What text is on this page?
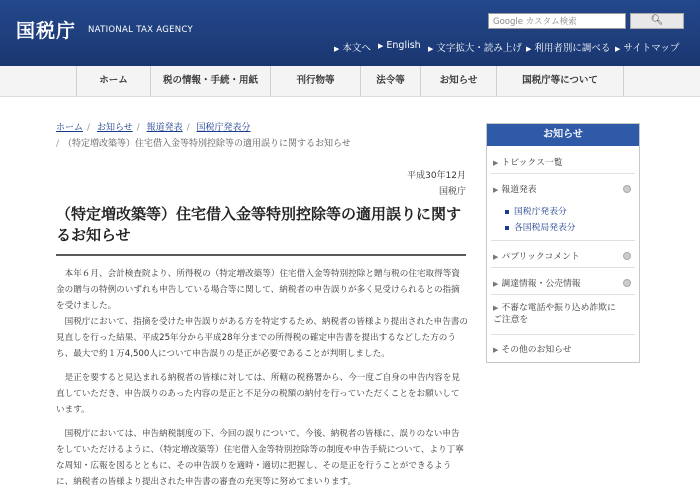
国税庁 NATIONAL TAX AGENCY
Google カスタム検索	🔍︎
▶ 本文へ ▶ English ▶ 文字拡大・読み上げ ▶ 利用者別に調べる ▶ サイトマップ
ホーム	税の情報・手続・用紙	刊行物等	法令等	お知らせ	国税庁等について
ホーム / お知らせ / 報道発表 / 国税庁発表分
/ （特定増改築等）住宅借入金等特別控除等の適用誤りに関するお知らせ
平成30年12月
国税庁
（特定増改築等）住宅借入金等特別控除等の適用誤りに関するお知らせ
本年６月、会計検査院より、所得税の（特定増改築等）住宅借入金等特別控除と贈与税の住宅取得等資金の贈与の特例のいずれも申告している場合等に関して、納税者の申告誤りが多く見受けられるとの指摘を受けました。
国税庁において、指摘を受けた申告誤りがある方を特定するため、納税者の皆様より提出された申告書の見直しを行った結果、平成25年分から平成28年分までの所得税の確定申告書を提出するなどした方のうち、最大で約１万4,500人について申告誤りの是正が必要であることが判明しました。
是正を要すると見込まれる納税者の皆様に対しては、所轄の税務署から、今一度ご自身の申告内容を見直していただき、申告誤りのあった内容の是正と不足分の税額の納付を行っていただくことをお願いしています。
国税庁においては、申告納税制度の下、今回の誤りについて、今後、納税者の皆様に、誤りのない申告をしていただけるように、（特定増改築等）住宅借入金等特別控除等の制度や申告手続について、より丁寧な周知・広報を図るとともに、その申告誤りを適時・適切に把握し、その是正を行うことができるように、納税者の皆様より提出された申告書の審査の充実等に努めてまいります。
お知らせ
▶ トピックス一覧
▶ 報道発表
国税庁発表分
各国税局発表分
▶ パブリックコメント
▶ 調達情報・公売情報
▶ 不審な電話や振り込め詐欺にご注意を
▶ その他のお知らせ
